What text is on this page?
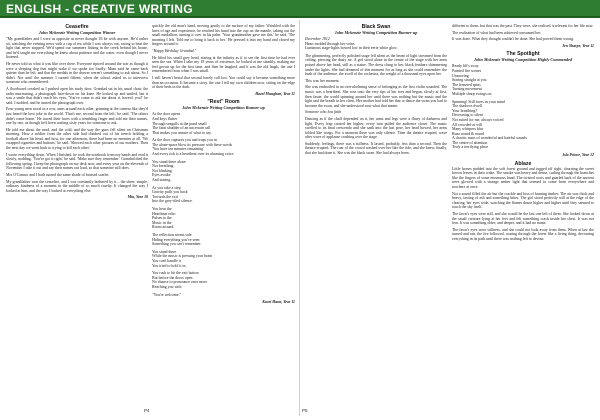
ENGLISH - CREATIVE WRITING
Ceasefire
John Mckenzie Writing Competition Winner
"My grandfather and I were as opposite as never thought I'd be with anyone. He'd rather sit, watching the evening news with a cup of tea while I was always out, racing to beat the light that never stopped. We'd spend our summers fishing in the creek behind his house, and he'd taught me everything he knew about patience and the water, even though I never listened.
He never told us what it was like over there. Everyone tiptoed around the war as though it were a sleeping dog that might wake if we spoke too loudly. Mum said he came back quieter than he left, and that the medals in the drawer weren't something to ask about. So I didn't. Not until the summer I turned fifteen, when the school asked us to interview someone who remembered.
A floorboard creaked as I pushed open his study door. Grandad sat in his usual chair, the radio murmuring, a photograph face-down on his knee. He looked up and smiled, but it was a smile that didn't reach his eyes. 'You've come to ask me about it, haven't you?' he said. I nodded, and he turned the photograph over.
Four young men stood in a row, arms around each other, grinning at the camera like they'd just heard the best joke in the world. 'That's me, second from the left,' he said. 'The others didn't come home.' He traced their faces with a trembling finger and told me their names, one by one, as though he'd been waiting sixty years for someone to ask.
He told me about the mud, and the cold, and the way the guns fell silent on Christmas morning. How a soldier from the other side had climbed out of his trench holding a football above his head, and how, for one afternoon, there had been no enemies at all. 'We swapped cigarettes and buttons,' he said. 'Showed each other pictures of our mothers. Then the next day we went back to trying to kill each other.'
I wrote everything down. When I finished, he took the notebook from my hands and read it slowly, nodding. 'You've got it right,' he said. 'Make sure they remember.' Grandad died the following spring. I keep the photograph on my desk now, and every year on the eleventh of November I take it out and say their names out loud, so that someone still does.
Mrs O'Connor and I both turned the same shade of bruised scarlet.
My grandfather won the ceasefire, and I was constantly bothered by it – the sheer, simple, ordinary kindness of a moment in the middle of so much cruelty. It changed the way I looked at him, and the way I looked at everything else.
Mia, Year 10
quickly the old man's hand, moving gently to the surface of my father. Wrinkled with the lines of age and experience, he reached his hand into the cup on the mantle, taking out the small medallion, turning it over in his palm. 'Your grandmother gave me this,' he said. 'The morning I left. Told me to bring it back to her.' He pressed it into my hand and closed my fingers around it.
"Happy Birthday Grandad."
He lifted his small grey head, staring at the infinity as if to see the first time he had ever seen the sea. When I take my 18 years of existence, he looked at me steadily, making me feel grown up for the first time, and then he laughed, and it was the old laugh, the one I remembered from when I was small.
I still haven't heard that second lonely call lost. You could say it became something more than an occasion. It became a story, the one I tell my own children now, sitting on the edge of their beds in the dark.
Hazel Maughan, Year 11
"Rest" Room
John Mckenzie Writing Competition Runner-up
As the door opens
And keys flutter
Through seagulls at the pond small
The faint shudder of an uncertain call
That makes you unsure of what to say.
As the door captures you and traps you in
The alone-space blow its pressure with these words
'You have ten minutes remaining'
And every tick is a heartbeat over its alarming voice.
You stand there alone
Not breathing
Not blinking
Eyes awake
And staring.
As you take a step
Gravity pulls you back
Towards the exit
Into the grey-tiled silence.
You hear the
Heartbeat echo
Pulses to the
Music in the
Room around.
The reflection seems safe
Hiding everything you've seen
Something you can't remember.
You stand there
While the music is pressing your brain
You can't handle it
You tried to hold it in.
You rush to hit the exit button
But before the doors open
No chance to pronounce once more
Reaching you with
"You're welcome."
Kaori Hana, Year 11
Black Swan
John Mckenzie Writing Competition Runner-up
December 1812
Heart molded through her veins
Luminous stage-lights bowed low in their eerie white glow.
The glimmering, perfectly polished stage fell silent as the beam of light streamed from the ceiling, piercing the dusty air. A girl stood alone in the centre of the stage with her arms poised above her head, still as a statue. The dress clung to her, black feathers shimmering under the lights. She had dreamed of this moment for as long as she could remember: the hush of the audience, the swell of the orchestra, the weight of a thousand eyes upon her.
This was her moment.
She was embroiled in an overwhelming sense of belonging as the first violin sounded. The music was a heartbeat. She rose onto the very tips of her toes and began, slowly at first, then faster, the world spinning around her until there was nothing but the music and the light and the breath in her chest. Her mother had told her that to dance the swan you had to become the swan, and she understood now what that meant.
Someone who lost faith
Dancing as if the chaff depended on it, her arms and legs were a flurry of darkness and light. Every leap carried her higher; every turn pulled the audience closer. The music swelled to its final crescendo and she sank into the last pose, her head bowed, her arms folded like wings. For a moment there was only silence. Then the theatre erupted, wave after wave of applause crashing over the stage.
Suddenly, feelings, there was a stillness. It lasted, probably, less than a second. Then the theatre erupted. The roar of the crowd washed over her like the tide, and she knew, finally, that she had done it. She was the black swan. She had always been.
different to them, but that was the past. They were, she realised, irrelevant for her life now.
The realisation of what had been achieved consumed her.
It was done. What they thought couldn't be done. She had proved them wrong.
Jen Sharpe, Year 11
The Spotlight
John Mckenzie Writing Competition Highly Commended
Ready lift's sway
Painted fire scenes
Unmoving
Staring straight at you
The frenzied spins
Turning movement
Multiple sharp swings on
Spinning! Still faces in your mind
The shadows dwell
Your breathing?
Decreasing to silent
Not suited for me, always voiced
All crowded at will
Many whispers blur
Buzz round & round
A chaotic mass of wonderful and hateful sounds
The centre of attention
Truly a terrifying place
Isla Prince, Year 12
Ablaze
Little horses padded into the soft forest ground and tugged off sight, churning the sweet brown leaves in their wake. The smoke was heavy and dense, curling through the branches like the fingers of some enormous hand. The twisted roots and gnarled bark of the ancient trees glowed with a strange amber light that seemed to come from everywhere and nowhere at once.
Not a sound filled the air but the crackle and hiss of burning timber. The air was thick and heavy, tasting of ash and something bitter. The girl stood perfectly still at the edge of the clearing, her eyes wide, watching the flames dance higher and higher until they seemed to touch the sky itself.
The fawn's eyes were still, and she would be the last one left of them. She looked down at the small creature lying at her feet and felt something crack inside her chest. It was not fear. It was something older, and deeper, and it had no name.
The fawn's eyes were stillness, and she could not look away from them. When at last she turned and ran, the fire followed, roaring through the forest like a living thing, devouring everything in its path until there was nothing left to devour.
P4	P5
